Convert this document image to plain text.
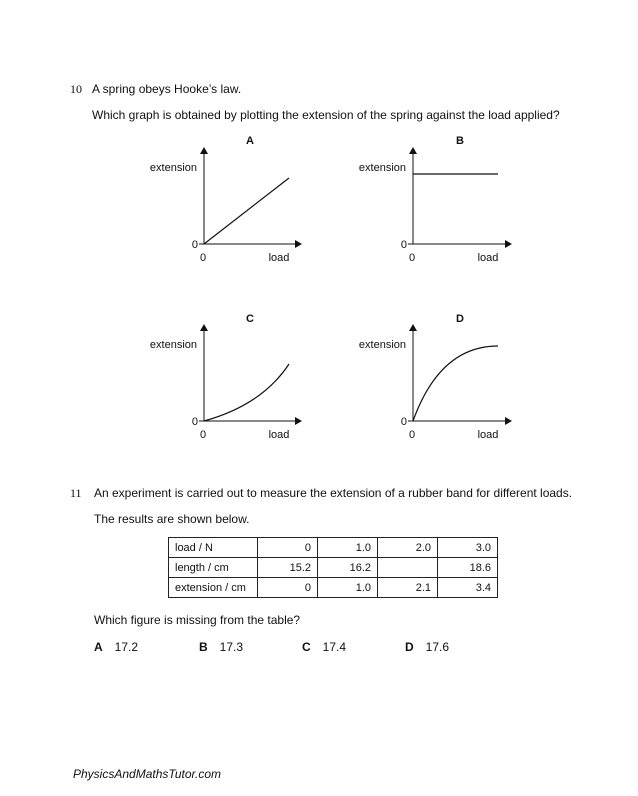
10 A spring obeys Hooke’s law.
Which graph is obtained by plotting the extension of the spring against the load applied?
A
extension
0
0	load
B
extension
0
0	load
C
extension
0
0	load
D
extension
0
0	load
11 An experiment is carried out to measure the extension of a rubber band for different loads.
The results are shown below.
load / N	0	1.0	2.0	3.0
length / cm	15.2	16.2		18.6
extension / cm	0	1.0	2.1	3.4
Which figure is missing from the table?
A 17.2	B 17.3	C 17.4	D 17.6
PhysicsAndMathsTutor.com
